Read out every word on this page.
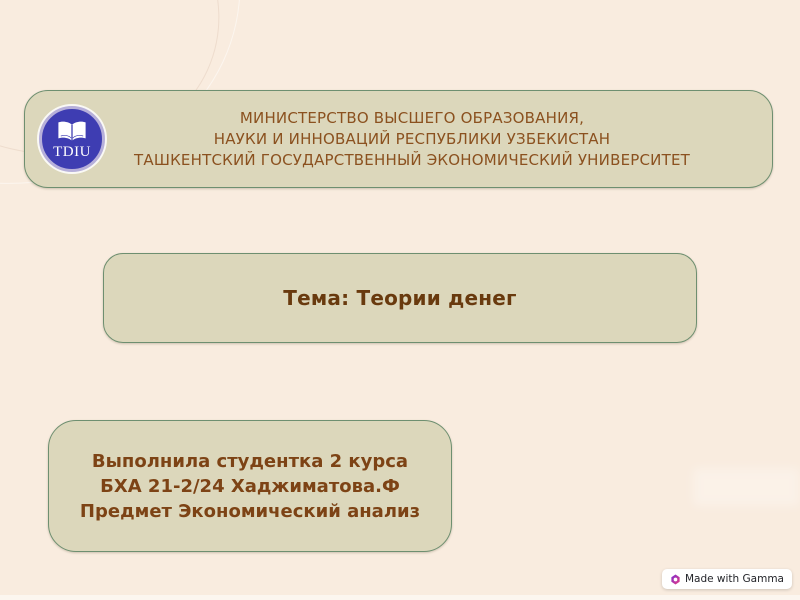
TDIU
МИНИСТЕРСТВО ВЫСШЕГО ОБРАЗОВАНИЯ,
НАУКИ И ИННОВАЦИЙ РЕСПУБЛИКИ УЗБЕКИСТАН
ТАШКЕНТСКИЙ ГОСУДАРСТВЕННЫЙ ЭКОНОМИЧЕСКИЙ УНИВЕРСИТЕТ
Тема: Теории денег
Выполнила студентка 2 курса
БХА 21-2/24 Хаджиматова.Ф
Предмет Экономический анализ
Made with Gamma
